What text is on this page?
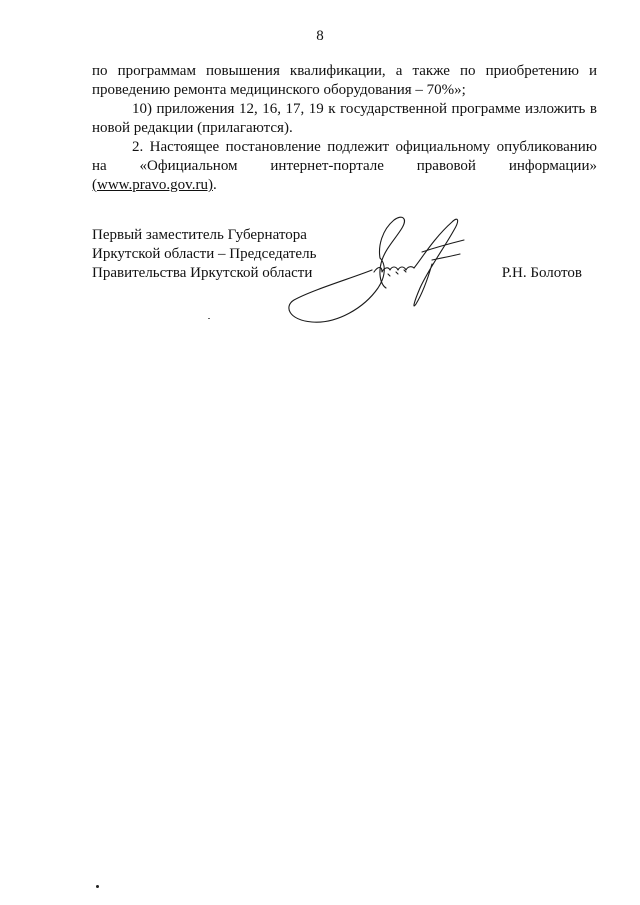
8

по программам повышения квалификации, а также по приобретению и проведению ремонта медицинского оборудования – 70%»;

10) приложения 12, 16, 17, 19 к государственной программе изложить в новой редакции (прилагаются).

2. Настоящее постановление подлежит официальному опубликованию на «Официальном интернет-портале правовой информации»

(www.pravo.gov.ru).

Первый заместитель Губернатора
Иркутской области – Председатель
Правительства Иркутской области	Р.Н. Болотов
